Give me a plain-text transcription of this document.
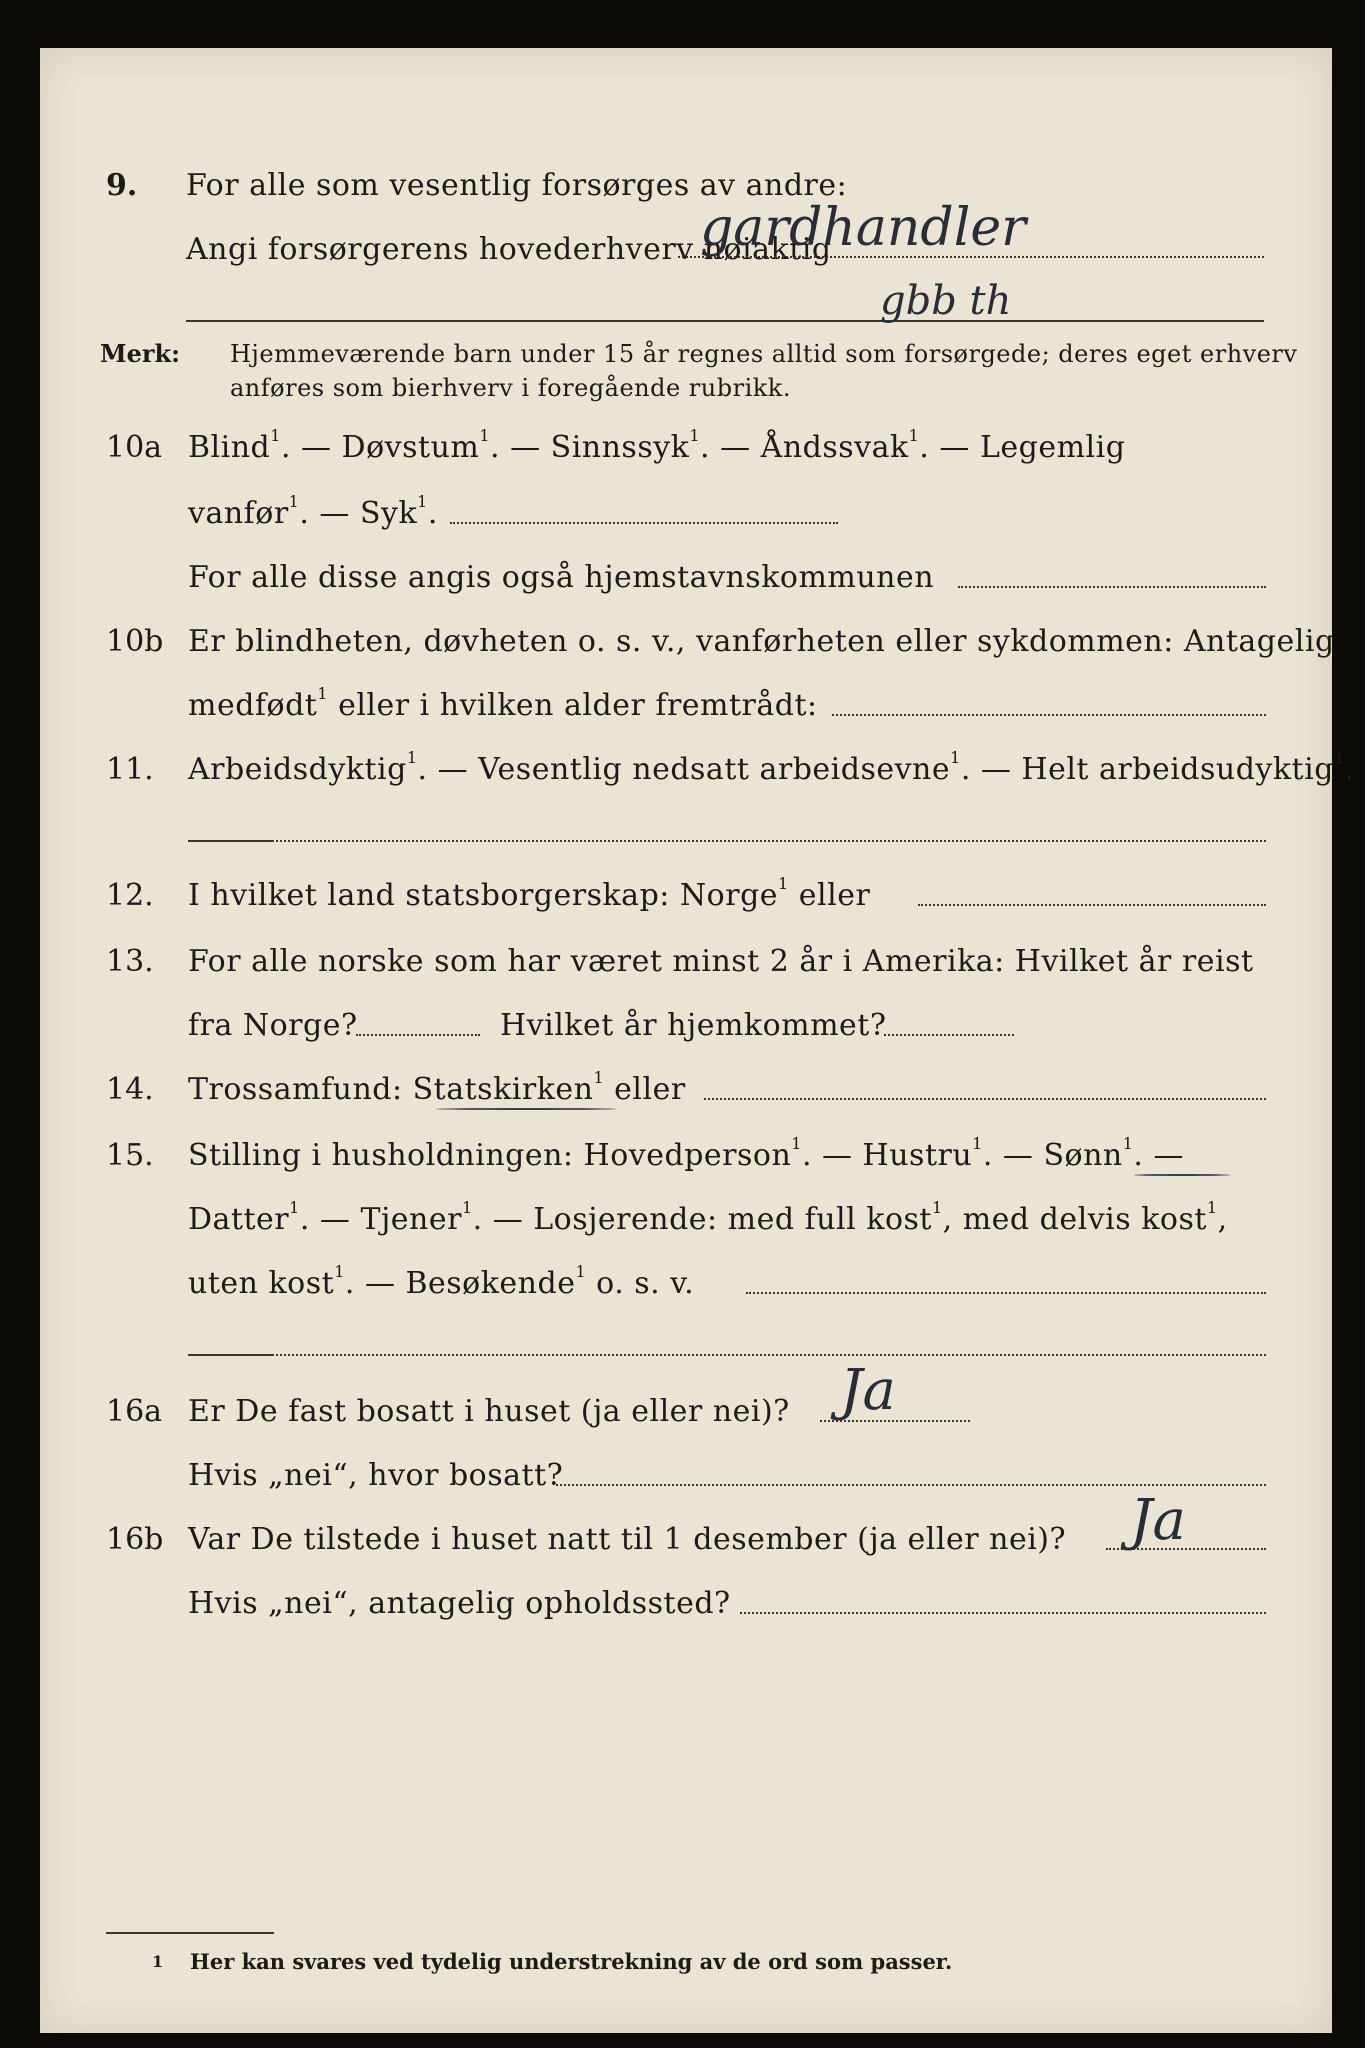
9. For alle som vesentlig forsørges av andre:
Angi forsørgerens hovederhverv nøiaktig
gardhandler
gbb th
Merk: Hjemmeværende barn under 15 år regnes alltid som forsørgede; deres eget erhverv
anføres som bierhverv i foregående rubrikk.
10a Blind$^1$. — Døvstum$^1$. — Sinnssyk$^1$. — Åndssvak$^1$. — Legemlig
vanfør$^1$. — Syk$^1$.
For alle disse angis også hjemstavnskommunen
10b Er blindheten, døvheten o. s. v., vanførheten eller sykdommen: Antagelig
medfødt$^1$ eller i hvilken alder fremtrådt:
11. Arbeidsdyktig$^1$. — Vesentlig nedsatt arbeidsevne$^1$. — Helt arbeidsudyktig$^1$.
12. I hvilket land statsborgerskap: Norge$^1$ eller
13. For alle norske som har været minst 2 år i Amerika: Hvilket år reist
fra Norge?	Hvilket år hjemkommet?
14. Trossamfund: Statskirken$^1$ eller
15. Stilling i husholdningen: Hovedperson$^1$. — Hustru$^1$. — Sønn$^1$. —
Datter$^1$. — Tjener$^1$. — Losjerende: med full kost$^1$, med delvis kost$^1$,
uten kost$^1$. — Besøkende$^1$ o. s. v.
16a Er De fast bosatt i huset (ja eller nei)? Ja
Hvis „nei“, hvor bosatt?
16b Var De tilstede i huset natt til 1 desember (ja eller nei)? Ja
Hvis „nei“, antagelig opholdssted?
1 Her kan svares ved tydelig understrekning av de ord som passer.
